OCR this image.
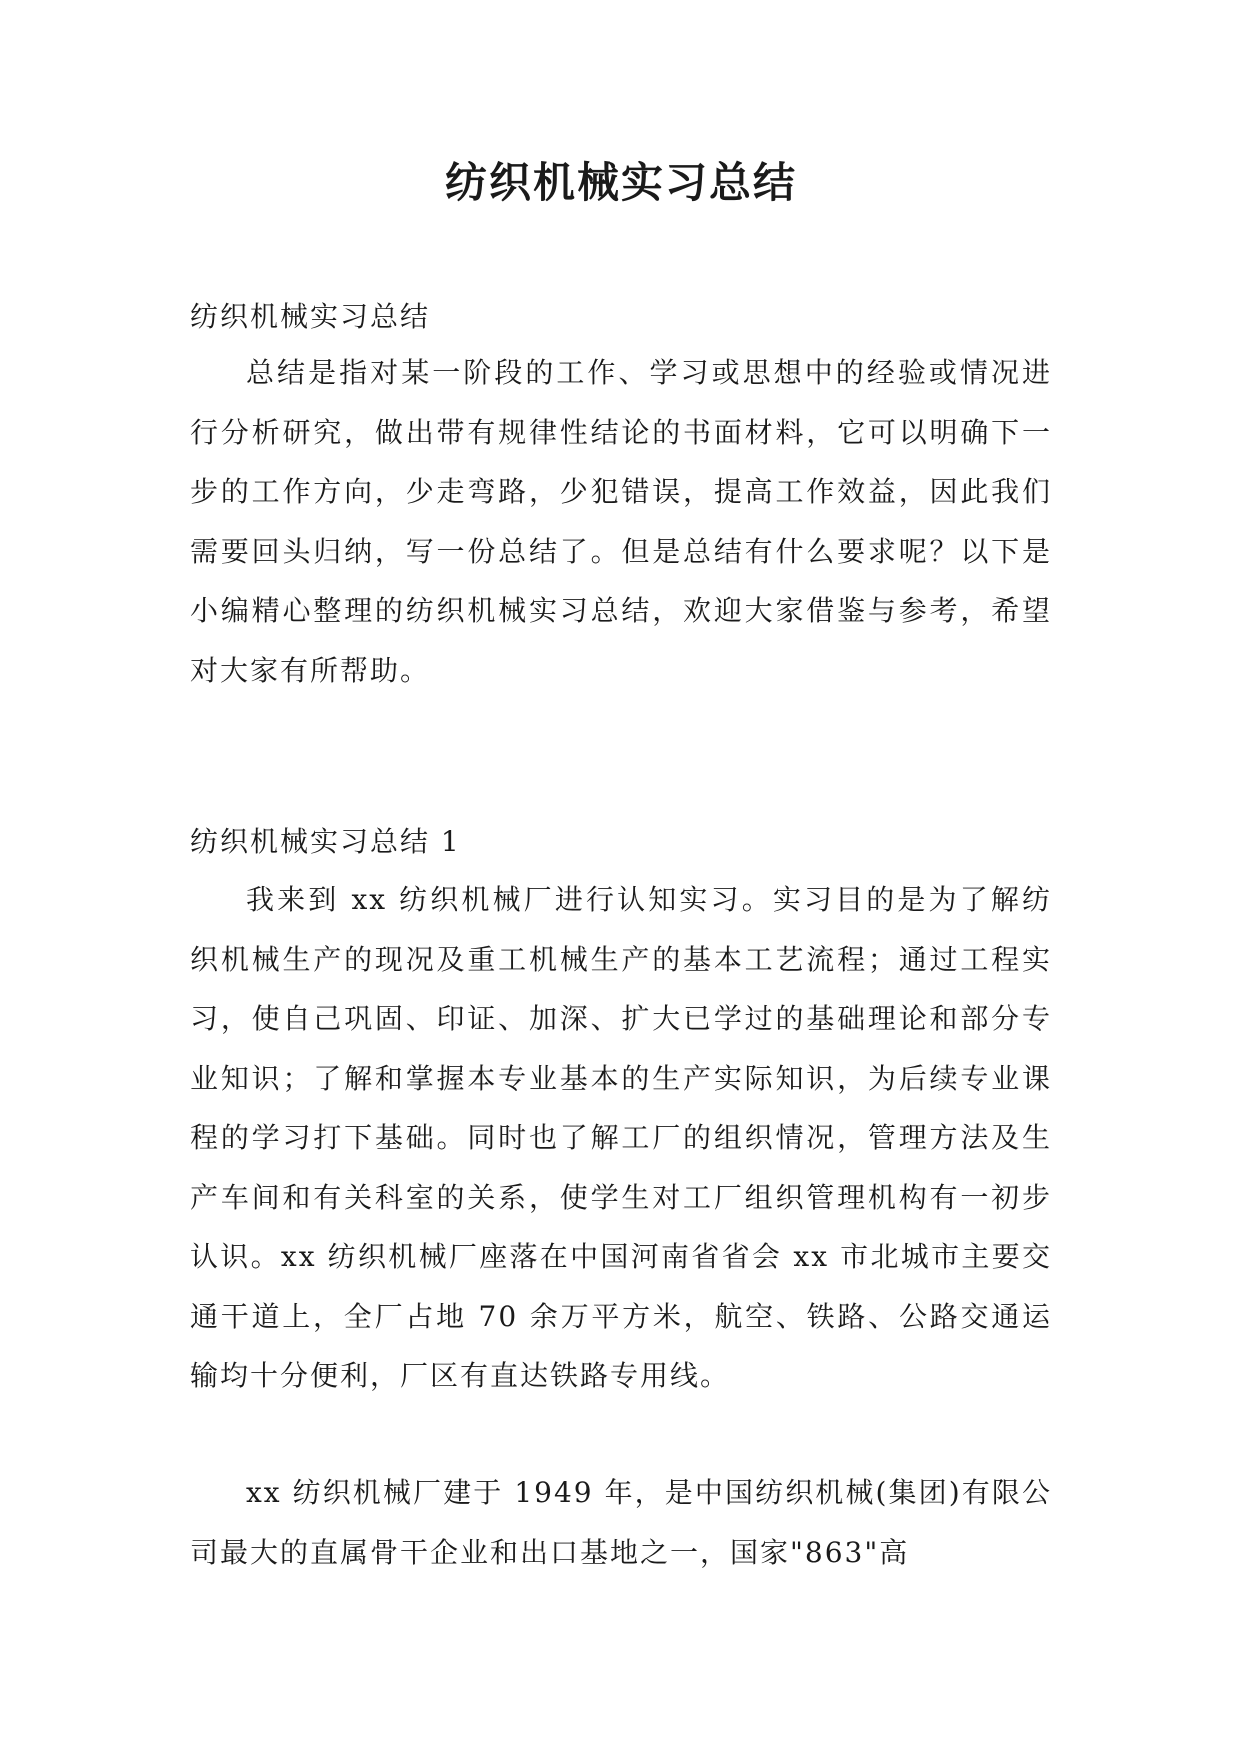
纺织机械实习总结
纺织机械实习总结

总结是指对某一阶段的工作、学习或思想中的经验或情况进行分析研究，做出带有规律性结论的书面材料，它可以明确下一步的工作方向，少走弯路，少犯错误，提高工作效益，因此我们需要回头归纳，写一份总结了。但是总结有什么要求呢？以下是小编精心整理的纺织机械实习总结，欢迎大家借鉴与参考，希望对大家有所帮助。

纺织机械实习总结 1

我来到 xx 纺织机械厂进行认知实习。实习目的是为了解纺织机械生产的现况及重工机械生产的基本工艺流程；通过工程实习，使自己巩固、印证、加深、扩大已学过的基础理论和部分专业知识；了解和掌握本专业基本的生产实际知识，为后续专业课程的学习打下基础。同时也了解工厂的组织情况，管理方法及生产车间和有关科室的关系，使学生对工厂组织管理机构有一初步认识。xx 纺织机械厂座落在中国河南省省会 xx 市北城市主要交通干道上，全厂占地 70 余万平方米，航空、铁路、公路交通运输均十分便利，厂区有直达铁路专用线。

xx 纺织机械厂建于 1949 年，是中国纺织机械(集团)有限公司最大的直属骨干企业和出口基地之一，国家"863"高
